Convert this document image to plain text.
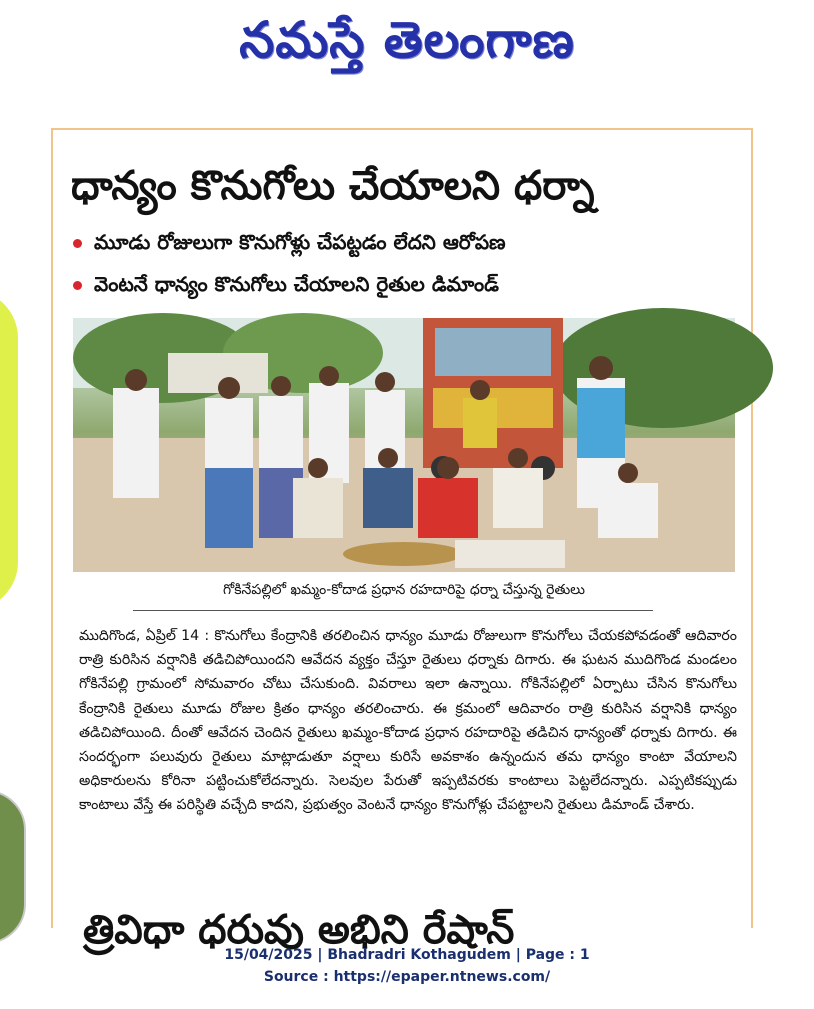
నమస్తే తెలంగాణ
ధాన్యం కొనుగోలు చేయాలని ధర్నా
మూడు రోజులుగా కొనుగోళ్లు చేపట్టడం లేదని ఆరోపణ
వెంటనే ధాన్యం కొనుగోలు చేయాలని రైతుల డిమాండ్
గోకినేపల్లిలో ఖమ్మం-కోదాడ ప్రధాన రహదారిపై ధర్నా చేస్తున్న రైతులు
ముదిగొండ, ఏప్రిల్ 14 : కొనుగోలు కేంద్రానికి తరలించిన ధాన్యం మూడు రోజులుగా కొనుగోలు చేయకపోవడంతో ఆదివారం రాత్రి కురిసిన వర్షానికి తడిచిపోయిందని ఆవేదన వ్యక్తం చేస్తూ రైతులు ధర్నాకు దిగారు. ఈ ఘటన ముదిగొండ మండలం గోకినేపల్లి గ్రామంలో సోమవారం చోటు చేసుకుంది. వివరాలు ఇలా ఉన్నాయి. గోకినేపల్లిలో ఏర్పాటు చేసిన కొనుగోలు కేంద్రానికి రైతులు మూడు రోజుల క్రితం ధాన్యం తరలించారు. ఈ క్రమంలో ఆదివారం రాత్రి కురిసిన వర్షానికి ధాన్యం తడిచిపోయింది. దీంతో ఆవేదన చెందిన రైతులు ఖమ్మం-కోదాడ ప్రధాన రహదారిపై తడిచిన ధాన్యంతో ధర్నాకు దిగారు. ఈ సందర్భంగా పలువురు రైతులు మాట్లాడుతూ వర్షాలు కురిసే అవకాశం ఉన్నందున తమ ధాన్యం కాంటా వేయాలని అధికారులను కోరినా పట్టించుకోలేదన్నారు. సెలవుల పేరుతో ఇప్పటివరకు కాంటాలు పెట్టలేదన్నారు. ఎప్పటికప్పుడు కాంటాలు వేస్తే ఈ పరిస్థితి వచ్చేది కాదని, ప్రభుత్వం వెంటనే ధాన్యం కొనుగోళ్లు చేపట్టాలని రైతులు డిమాండ్ చేశారు.
త్రివిధా ధరువు అభిని రేషాన్
15/04/2025 | Bhadradri Kothagudem | Page : 1
Source : https://epaper.ntnews.com/
